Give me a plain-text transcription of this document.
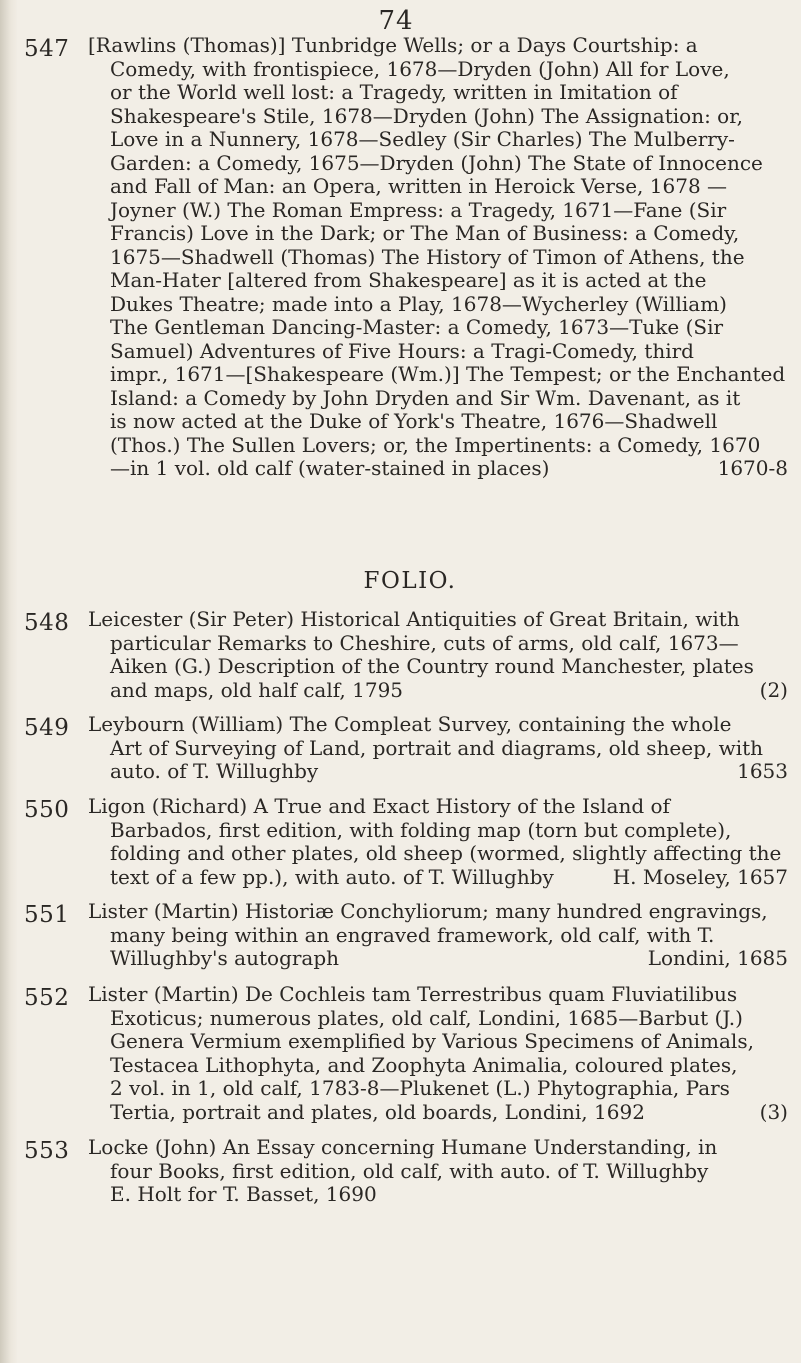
74
FOLIO.
547 [Rawlins (Thomas)] Tunbridge Wells; or a Days Courtship: a
Comedy, with frontispiece, 1678—Dryden (John) All for Love,
or the World well lost: a Tragedy, written in Imitation of
Shakespeare's Stile, 1678—Dryden (John) The Assignation: or,
Love in a Nunnery, 1678—Sedley (Sir Charles) The Mulberry-
Garden: a Comedy, 1675—Dryden (John) The State of Innocence
and Fall of Man: an Opera, written in Heroick Verse, 1678 —
Joyner (W.) The Roman Empress: a Tragedy, 1671—Fane (Sir
Francis) Love in the Dark; or The Man of Business: a Comedy,
1675—Shadwell (Thomas) The History of Timon of Athens, the
Man-Hater [altered from Shakespeare] as it is acted at the
Dukes Theatre; made into a Play, 1678—Wycherley (William)
The Gentleman Dancing-Master: a Comedy, 1673—Tuke (Sir
Samuel) Adventures of Five Hours: a Tragi-Comedy, third
impr., 1671—[Shakespeare (Wm.)] The Tempest; or the Enchanted
Island: a Comedy by John Dryden and Sir Wm. Davenant, as it
is now acted at the Duke of York's Theatre, 1676—Shadwell
(Thos.) The Sullen Lovers; or, the Impertinents: a Comedy, 1670
—in 1 vol. old calf (water-stained in places)	1670-8
548 Leicester (Sir Peter) Historical Antiquities of Great Britain, with
particular Remarks to Cheshire, cuts of arms, old calf, 1673—
Aiken (G.) Description of the Country round Manchester, plates
and maps, old half calf, 1795	(2)
549 Leybourn (William) The Compleat Survey, containing the whole
Art of Surveying of Land, portrait and diagrams, old sheep, with
auto. of T. Willughby	1653
550 Ligon (Richard) A True and Exact History of the Island of
Barbados, first edition, with folding map (torn but complete),
folding and other plates, old sheep (wormed, slightly affecting the
text of a few pp.), with auto. of T. Willughby	H. Moseley, 1657
551 Lister (Martin) Historiæ Conchyliorum; many hundred engravings,
many being within an engraved framework, old calf, with T.
Willughby's autograph	Londini, 1685
552 Lister (Martin) De Cochleis tam Terrestribus quam Fluviatilibus
Exoticus; numerous plates, old calf, Londini, 1685—Barbut (J.)
Genera Vermium exemplified by Various Specimens of Animals,
Testacea Lithophyta, and Zoophyta Animalia, coloured plates,
2 vol. in 1, old calf, 1783-8—Plukenet (L.) Phytographia, Pars
Tertia, portrait and plates, old boards, Londini, 1692	(3)
553 Locke (John) An Essay concerning Humane Understanding, in
four Books, first edition, old calf, with auto. of T. Willughby
E. Holt for T. Basset, 1690
